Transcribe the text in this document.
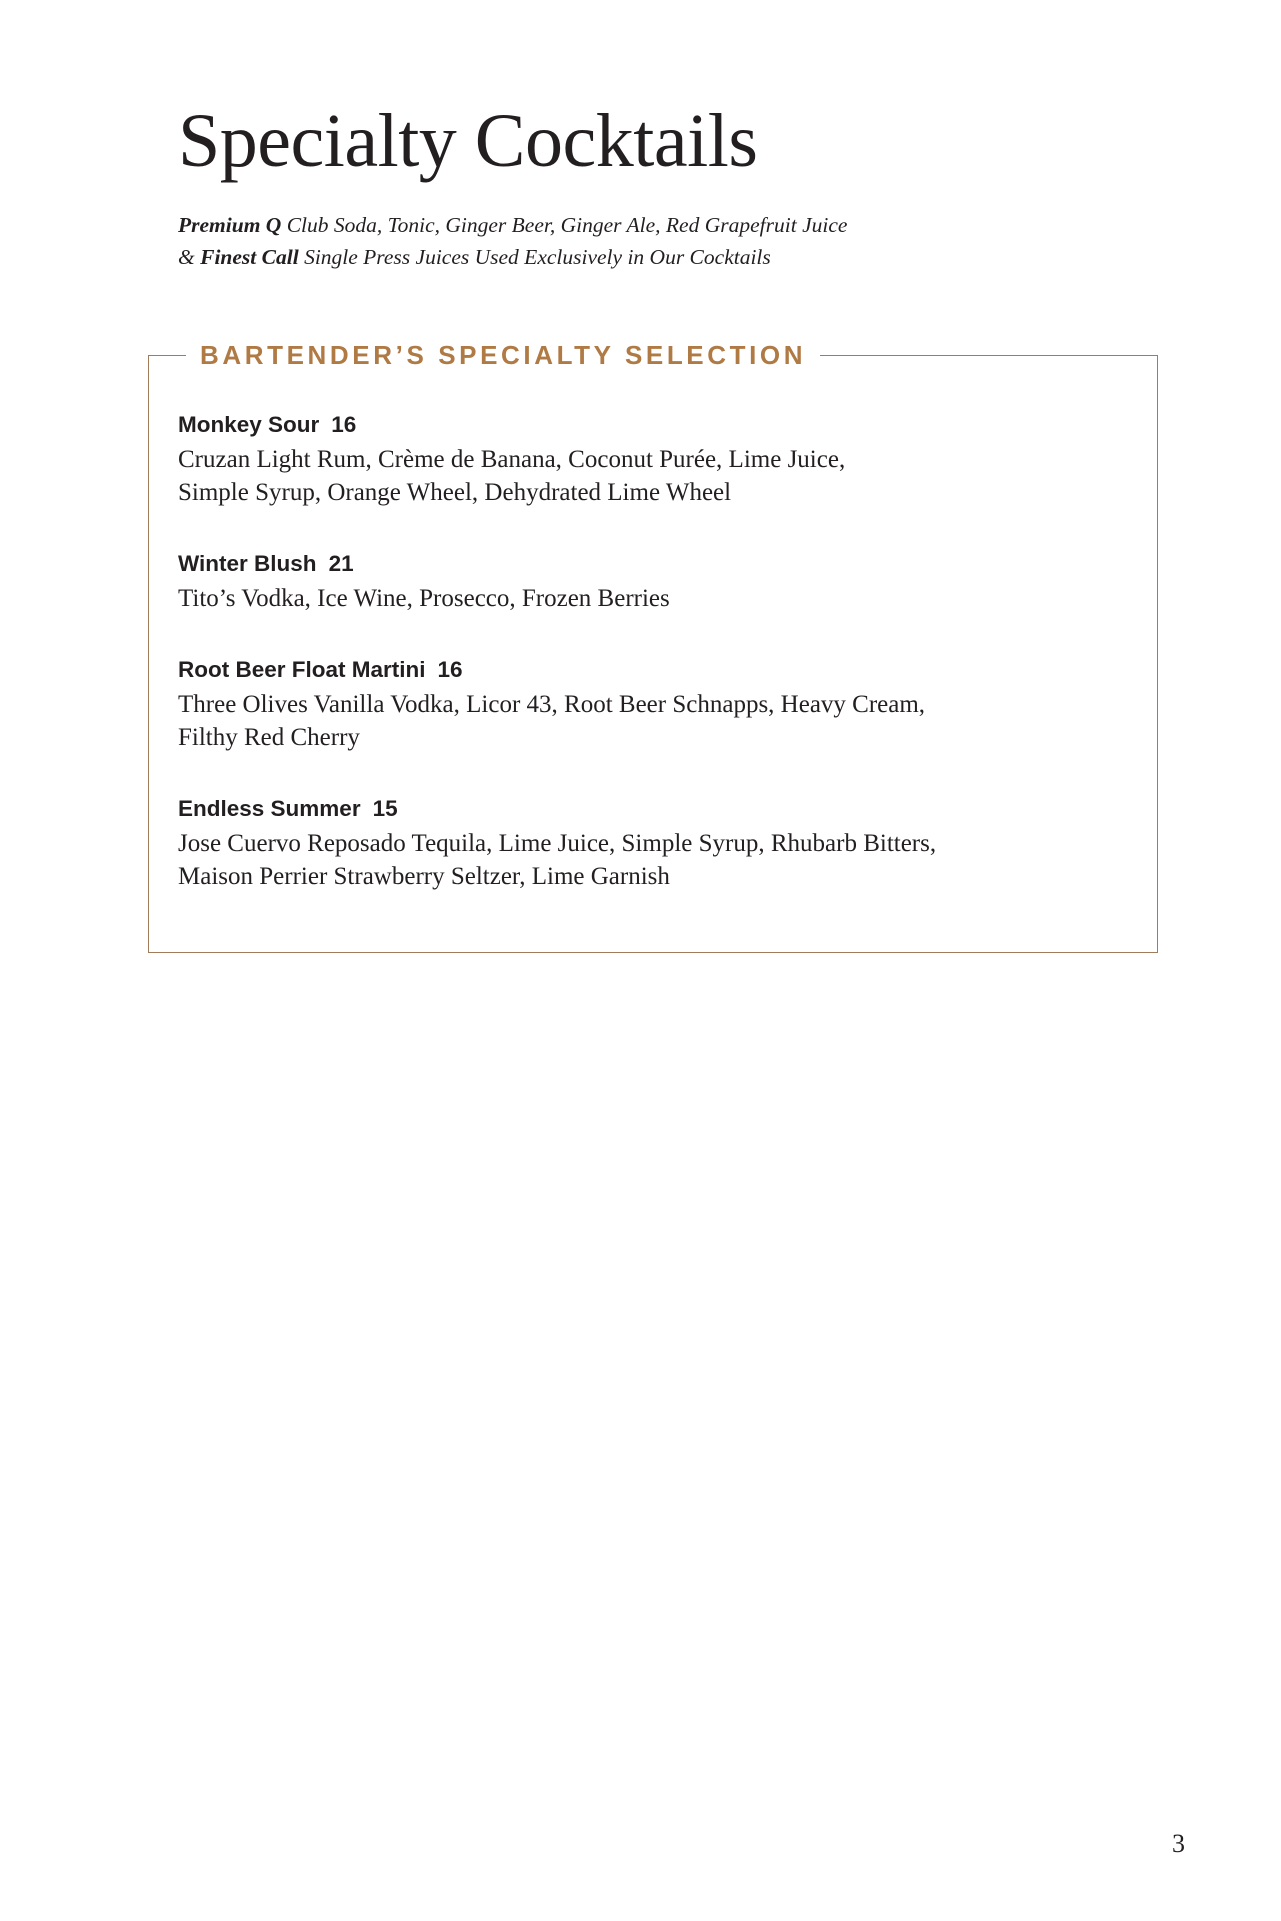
Specialty Cocktails
Premium Q Club Soda, Tonic, Ginger Beer, Ginger Ale, Red Grapefruit Juice
& Finest Call Single Press Juices Used Exclusively in Our Cocktails
BARTENDER’S SPECIALTY SELECTION
Monkey Sour 16
Cruzan Light Rum, Crème de Banana, Coconut Purée, Lime Juice,
Simple Syrup, Orange Wheel, Dehydrated Lime Wheel
Winter Blush 21
Tito’s Vodka, Ice Wine, Prosecco, Frozen Berries
Root Beer Float Martini 16
Three Olives Vanilla Vodka, Licor 43, Root Beer Schnapps, Heavy Cream,
Filthy Red Cherry
Endless Summer 15
Jose Cuervo Reposado Tequila, Lime Juice, Simple Syrup, Rhubarb Bitters,
Maison Perrier Strawberry Seltzer, Lime Garnish
3
